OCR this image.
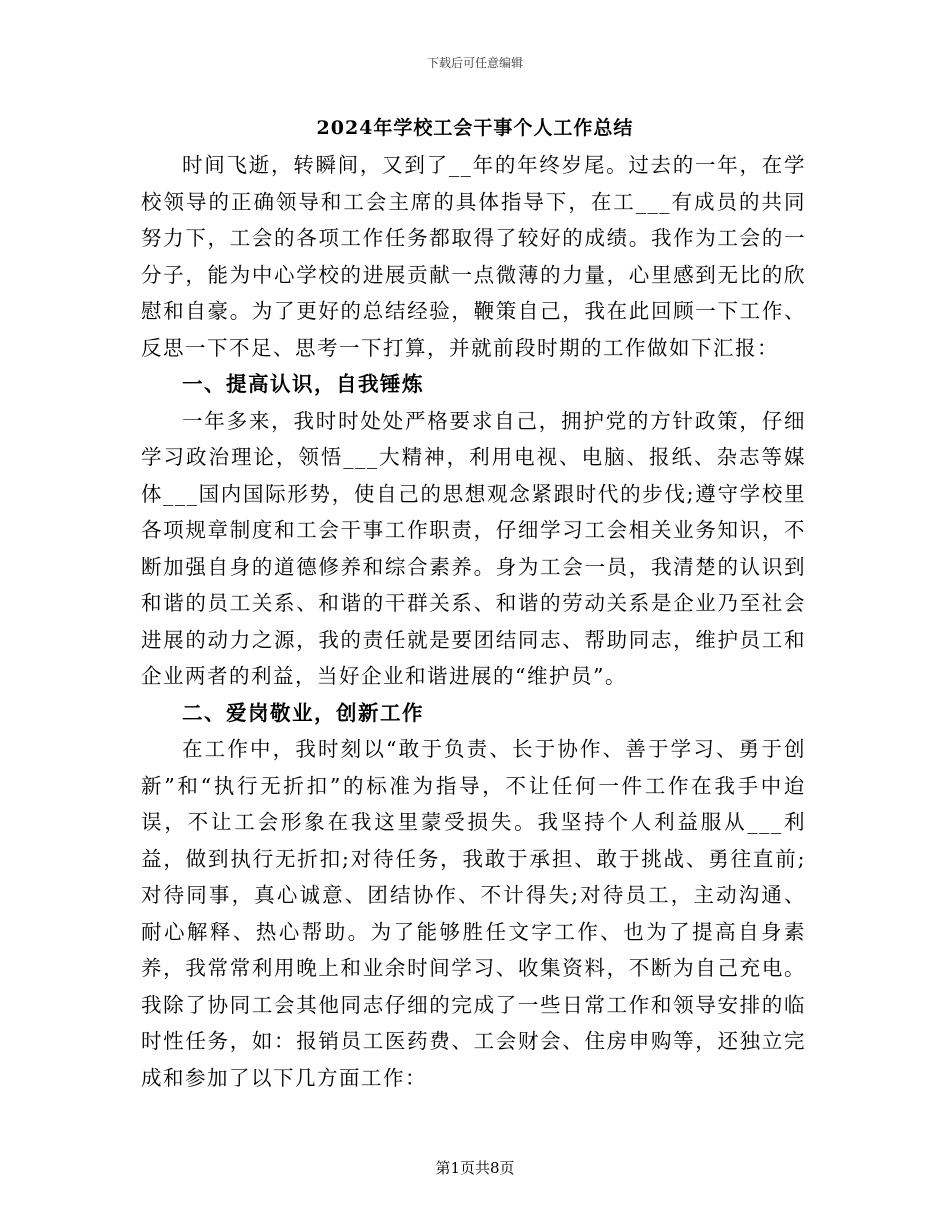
下载后可任意编辑
2024年学校工会干事个人工作总结

时间飞逝，转瞬间，又到了__年的年终岁尾。过去的一年，在学校领导的正确领导和工会主席的具体指导下，在工___有成员的共同努力下，工会的各项工作任务都取得了较好的成绩。我作为工会的一分子，能为中心学校的进展贡献一点微薄的力量，心里感到无比的欣慰和自豪。为了更好的总结经验，鞭策自己，我在此回顾一下工作、反思一下不足、思考一下打算，并就前段时期的工作做如下汇报：

一、提高认识，自我锤炼

一年多来，我时时处处严格要求自己，拥护党的方针政策，仔细学习政治理论，领悟___大精神，利用电视、电脑、报纸、杂志等媒体___国内国际形势，使自己的思想观念紧跟时代的步伐;遵守学校里各项规章制度和工会干事工作职责，仔细学习工会相关业务知识，不断加强自身的道德修养和综合素养。身为工会一员，我清楚的认识到和谐的员工关系、和谐的干群关系、和谐的劳动关系是企业乃至社会进展的动力之源，我的责任就是要团结同志、帮助同志，维护员工和企业两者的利益，当好企业和谐进展的“维护员”。

二、爱岗敬业，创新工作

在工作中，我时刻以“敢于负责、长于协作、善于学习、勇于创新”和“执行无折扣”的标准为指导，不让任何一件工作在我手中迨误，不让工会形象在我这里蒙受损失。我坚持个人利益服从___利益，做到执行无折扣;对待任务，我敢于承担、敢于挑战、勇往直前;对待同事，真心诚意、团结协作、不计得失;对待员工，主动沟通、耐心解释、热心帮助。为了能够胜任文字工作、也为了提高自身素养，我常常利用晚上和业余时间学习、收集资料，不断为自己充电。我除了协同工会其他同志仔细的完成了一些日常工作和领导安排的临时性任务，如：报销员工医药费、工会财会、住房申购等，还独立完成和参加了以下几方面工作：

第1页共8页
